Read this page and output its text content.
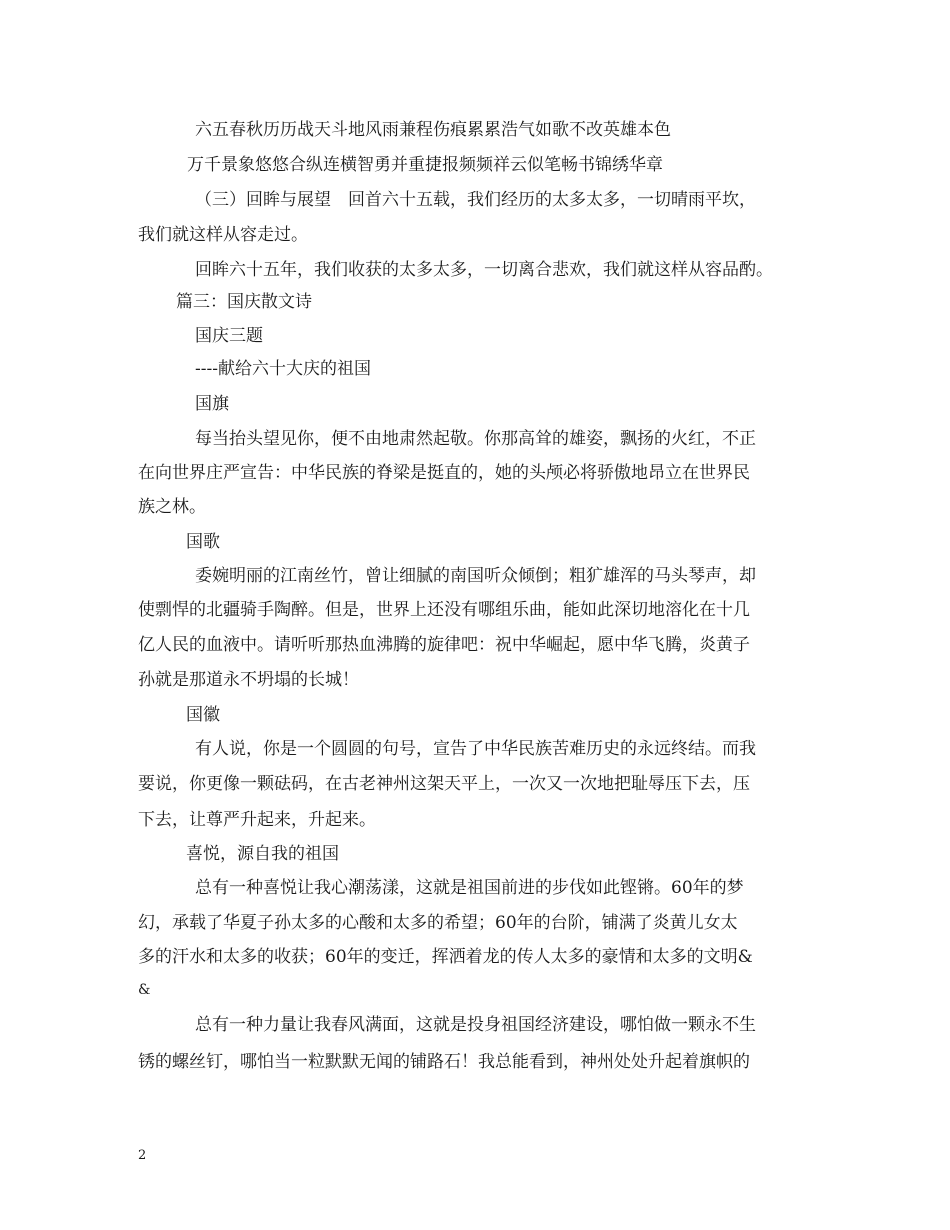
六五春秋历历战天斗地风雨兼程伤痕累累浩气如歌不改英雄本色

万千景象悠悠合纵连横智勇并重捷报频频祥云似笔畅书锦绣华章

（三）回眸与展望　回首六十五载，我们经历的太多太多，一切晴雨平坎，

我们就这样从容走过。

回眸六十五年，我们收获的太多太多，一切离合悲欢，我们就这样从容品酌。

篇三：国庆散文诗

国庆三题

----献给六十大庆的祖国

国旗

每当抬头望见你，便不由地肃然起敬。你那高耸的雄姿，飘扬的火红，不正

在向世界庄严宣告：中华民族的脊梁是挺直的，她的头颅必将骄傲地昂立在世界民

族之林。

国歌

委婉明丽的江南丝竹，曾让细腻的南国听众倾倒；粗犷雄浑的马头琴声，却

使剽悍的北疆骑手陶醉。但是，世界上还没有哪组乐曲，能如此深切地溶化在十几

亿人民的血液中。请听听那热血沸腾的旋律吧：祝中华崛起，愿中华飞腾，炎黄子

孙就是那道永不坍塌的长城！

国徽

有人说，你是一个圆圆的句号，宣告了中华民族苦难历史的永远终结。而我

要说，你更像一颗砝码，在古老神州这架天平上，一次又一次地把耻辱压下去，压

下去，让尊严升起来，升起来。

喜悦，源自我的祖国

总有一种喜悦让我心潮荡漾，这就是祖国前进的步伐如此铿锵。60年的梦

幻，承载了华夏子孙太多的心酸和太多的希望；60年的台阶，铺满了炎黄儿女太

多的汗水和太多的收获；60年的变迁，挥洒着龙的传人太多的豪情和太多的文明&

&

总有一种力量让我春风满面，这就是投身祖国经济建设，哪怕做一颗永不生

锈的螺丝钉，哪怕当一粒默默无闻的铺路石！我总能看到，神州处处升起着旗帜的

2
